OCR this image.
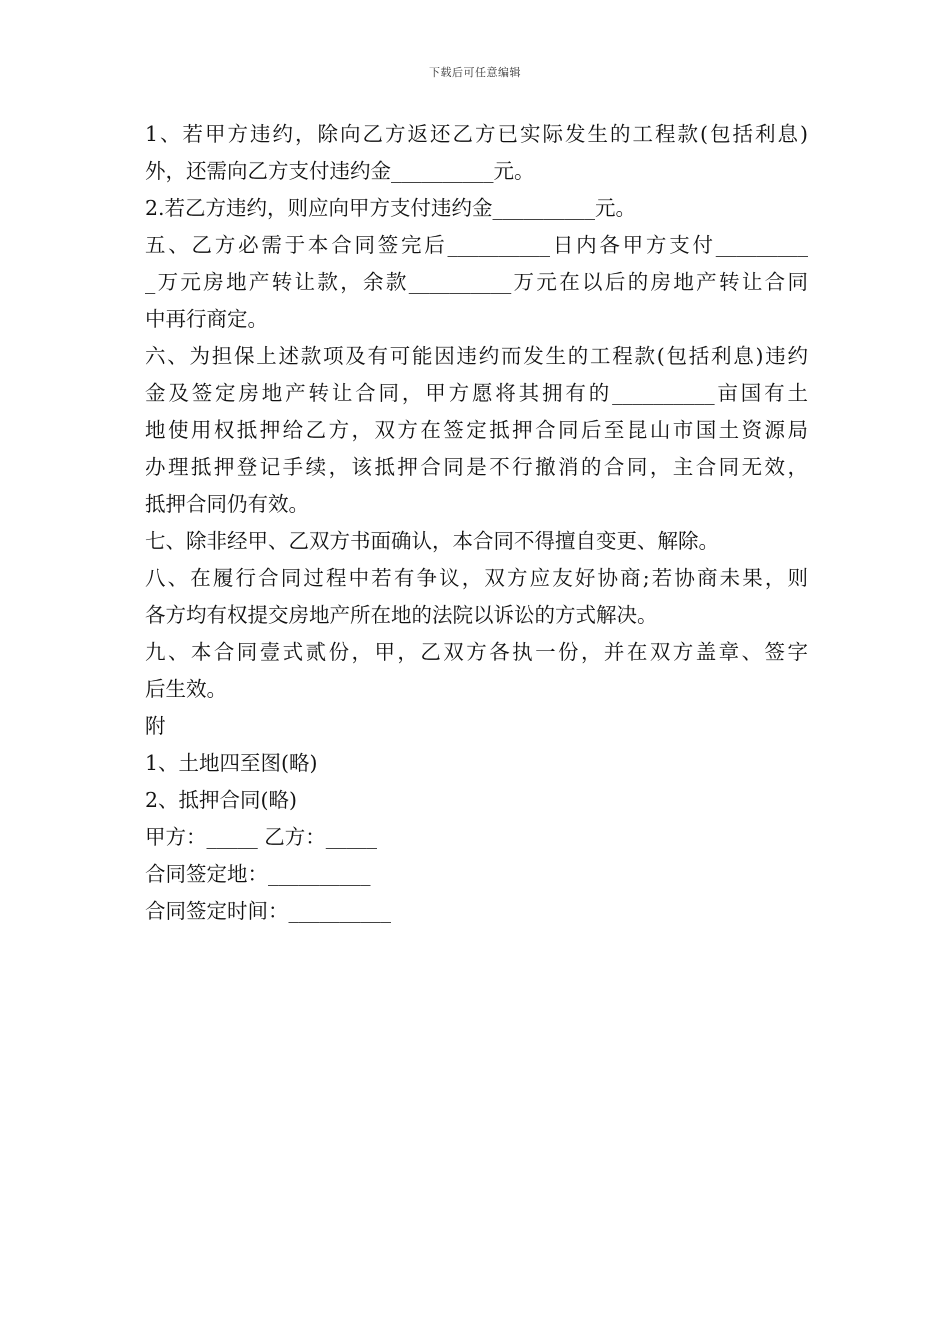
下载后可任意编辑
1、若甲方违约，除向乙方返还乙方已实际发生的工程款(包括利息)
外，还需向乙方支付违约金__________元。
2.若乙方违约，则应向甲方支付违约金__________元。
五、乙方必需于本合同签完后__________日内各甲方支付_________
_万元房地产转让款，余款__________万元在以后的房地产转让合同
中再行商定。
六、为担保上述款项及有可能因违约而发生的工程款(包括利息)违约
金及签定房地产转让合同，甲方愿将其拥有的__________亩国有土
地使用权抵押给乙方，双方在签定抵押合同后至昆山市国土资源局
办理抵押登记手续，该抵押合同是不行撤消的合同，主合同无效，
抵押合同仍有效。
七、除非经甲、乙双方书面确认，本合同不得擅自变更、解除。
八、在履行合同过程中若有争议，双方应友好协商;若协商未果，则
各方均有权提交房地产所在地的法院以诉讼的方式解决。
九、本合同壹式贰份，甲，乙双方各执一份，并在双方盖章、签字
后生效。
附
1、土地四至图(略)
2、抵押合同(略)
甲方：_____ 乙方：_____
合同签定地：__________
合同签定时间：__________
